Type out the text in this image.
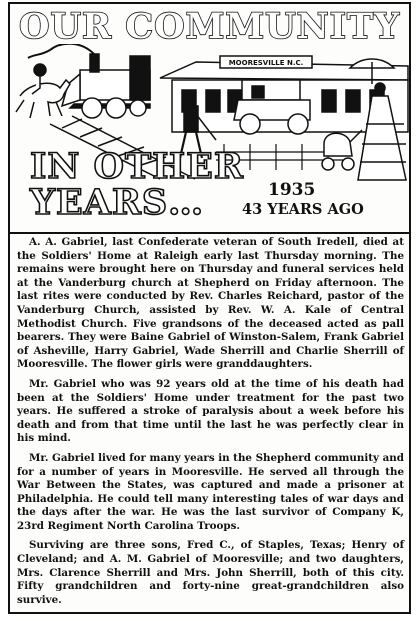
OUR COMMUNITY
MOORESVILLE N.C.
IN OTHER
YEARS…	1935
43 YEARS AGO

A. A. Gabriel, last Confederate veteran of South Iredell, died at the Soldiers' Home at Raleigh early last Thursday morning. The remains were brought here on Thursday and funeral services held at the Vanderburg church at Shepherd on Friday afternoon. The last rites were conducted by Rev. Charles Reichard, pastor of the Vanderburg Church, assisted by Rev. W. A. Kale of Central Methodist Church. Five grandsons of the deceased acted as pall bearers. They were Baine Gabriel of Winston-Salem, Frank Gabriel of Asheville, Harry Gabriel, Wade Sherrill and Charlie Sherrill of Mooresville. The flower girls were granddaughters.

Mr. Gabriel who was 92 years old at the time of his death had been at the Soldiers' Home under treatment for the past two years. He suffered a stroke of paralysis about a week before his death and from that time until the last he was perfectly clear in his mind.

Mr. Gabriel lived for many years in the Shepherd community and for a number of years in Mooresville. He served all through the War Between the States, was captured and made a prisoner at Philadelphia. He could tell many interesting tales of war days and the days after the war. He was the last survivor of Company K, 23rd Regiment North Carolina Troops.

Surviving are three sons, Fred C., of Staples, Texas; Henry of Cleveland; and A. M. Gabriel of Mooresville; and two daughters, Mrs. Clarence Sherrill and Mrs. John Sherrill, both of this city. Fifty grandchildren and forty-nine great-grandchildren also survive.
